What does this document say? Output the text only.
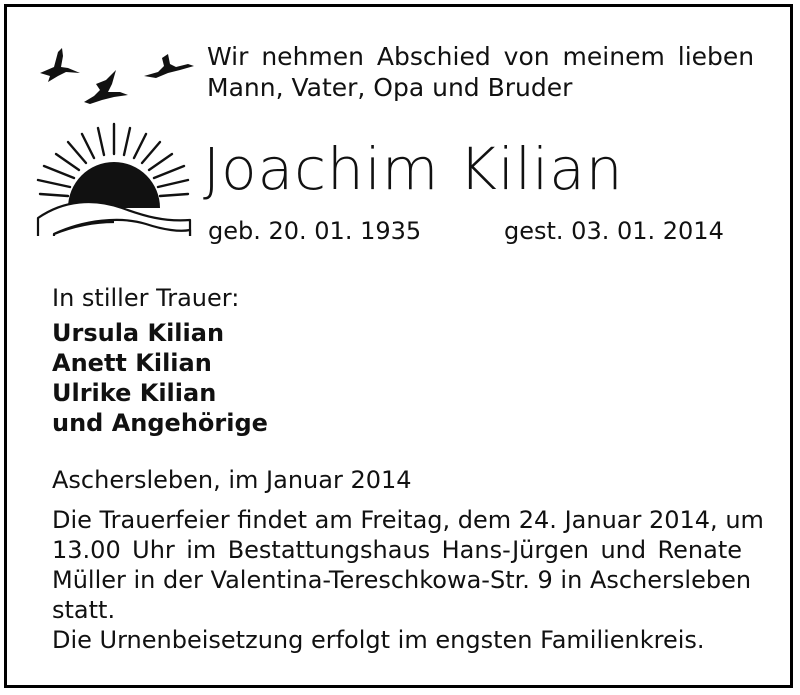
Wir nehmen Abschied von meinem lieben
Mann, Vater, Opa und Bruder
Joachim Kilian
geb. 20. 01. 1935	gest. 03. 01. 2014
In stiller Trauer:
Ursula Kilian
Anett Kilian
Ulrike Kilian
und Angehörige
Aschersleben, im Januar 2014
Die Trauerfeier findet am Freitag, dem 24. Januar 2014, um
13.00 Uhr im Bestattungshaus Hans-Jürgen und Renate
Müller in der Valentina-Tereschkowa-Str. 9 in Aschersleben
statt.
Die Urnenbeisetzung erfolgt im engsten Familienkreis.
